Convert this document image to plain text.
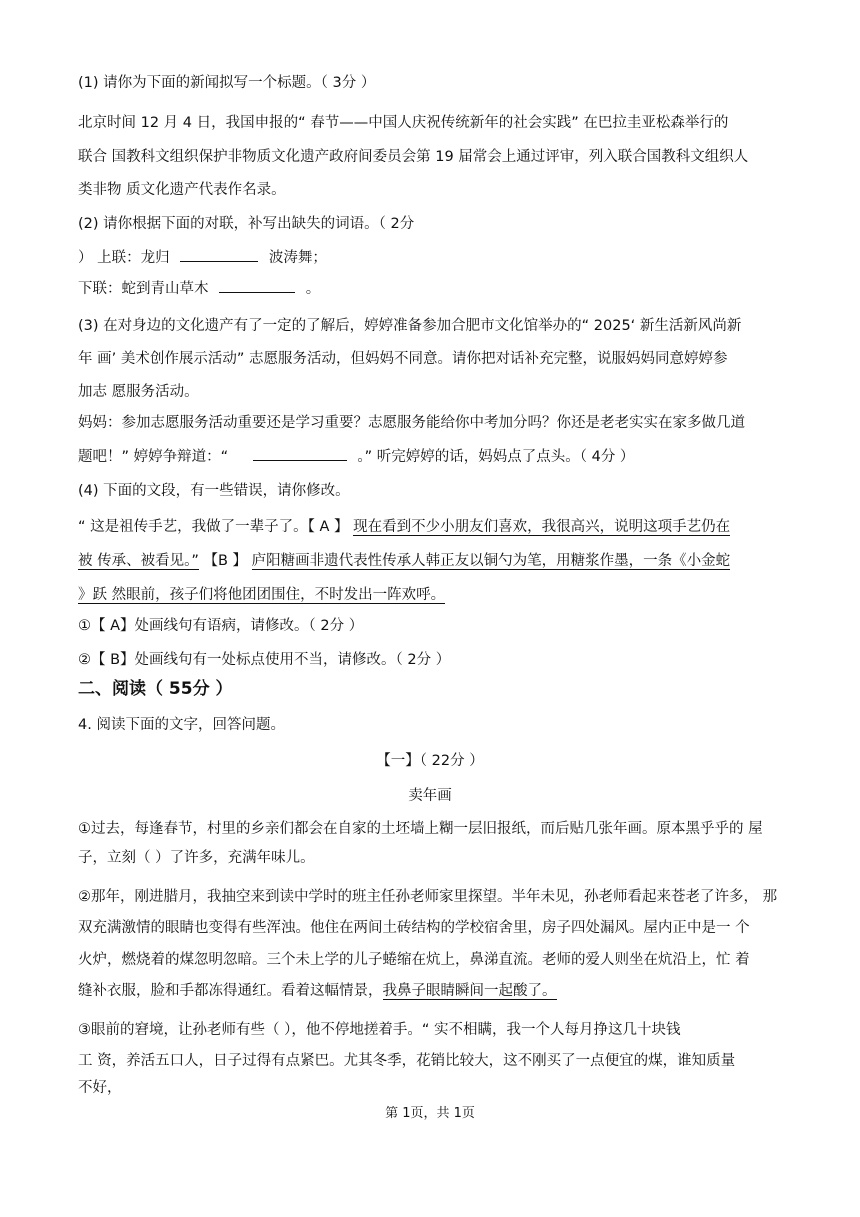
(1) 请你为下面的新闻拟写一个标题。（ 3分 ）
北京时间 12 月 4 日，我国申报的“ 春节——中国人庆祝传统新年的社会实践” 在巴拉圭亚松森举行的
联合 国教科文组织保护非物质文化遗产政府间委员会第 19 届常会上通过评审，列入联合国教科文组织人
类非物 质文化遗产代表作名录。
(2) 请你根据下面的对联，补写出缺失的词语。（ 2分
） 上联：龙归	波涛舞；
下联：蛇到青山草木	。
(3) 在对身边的文化遗产有了一定的了解后，婷婷准备参加合肥市文化馆举办的“ 2025‘ 新生活新风尚新
年 画’ 美术创作展示活动” 志愿服务活动，但妈妈不同意。请你把对话补充完整，说服妈妈同意婷婷参
加志 愿服务活动。
妈妈：参加志愿服务活动重要还是学习重要？志愿服务能给你中考加分吗？你还是老老实实在家多做几道
题吧！” 婷婷争辩道：“	。” 听完婷婷的话，妈妈点了点头。（ 4分 ）
(4) 下面的文段，有一些错误，请你修改。
“ 这是祖传手艺，我做了一辈子了。【 A 】 现在看到不少小朋友们喜欢，我很高兴，说明这项手艺仍在
被 传承、被看见。” 【B 】 庐阳糖画非遗代表性传承人韩正友以铜勺为笔，用糖浆作墨，一条《小金蛇
》跃 然眼前，孩子们将他团团围住，不时发出一阵欢呼。
①【 A】处画线句有语病，请修改。（ 2分 ）
②【 B】处画线句有一处标点使用不当，请修改。（ 2分 ）
二、阅读（ 55分 ）
4. 阅读下面的文字，回答问题。
【一】（ 22分 ）
卖年画
①过去，每逢春节，村里的乡亲们都会在自家的土坯墙上糊一层旧报纸，而后贴几张年画。原本黑乎乎的 屋
子，立刻（ ）了许多，充满年味儿。
②那年，刚进腊月，我抽空来到读中学时的班主任孙老师家里探望。半年未见，孙老师看起来苍老了许多， 那
双充满激情的眼睛也变得有些浑浊。他住在两间土砖结构的学校宿舍里，房子四处漏风。屋内正中是一 个
火炉，燃烧着的煤忽明忽暗。三个未上学的儿子蜷缩在炕上，鼻涕直流。老师的爱人则坐在炕沿上，忙 着
缝补衣服，脸和手都冻得通红。看着这幅情景，我鼻子眼睛瞬间一起酸了。
③眼前的窘境，让孙老师有些（ ），他不停地搓着手。“ 实不相瞒，我一个人每月挣这几十块钱
工 资，养活五口人，日子过得有点紧巴。尤其冬季，花销比较大，这不刚买了一点便宜的煤，谁知质量
不好，
第 1页，共 1页
